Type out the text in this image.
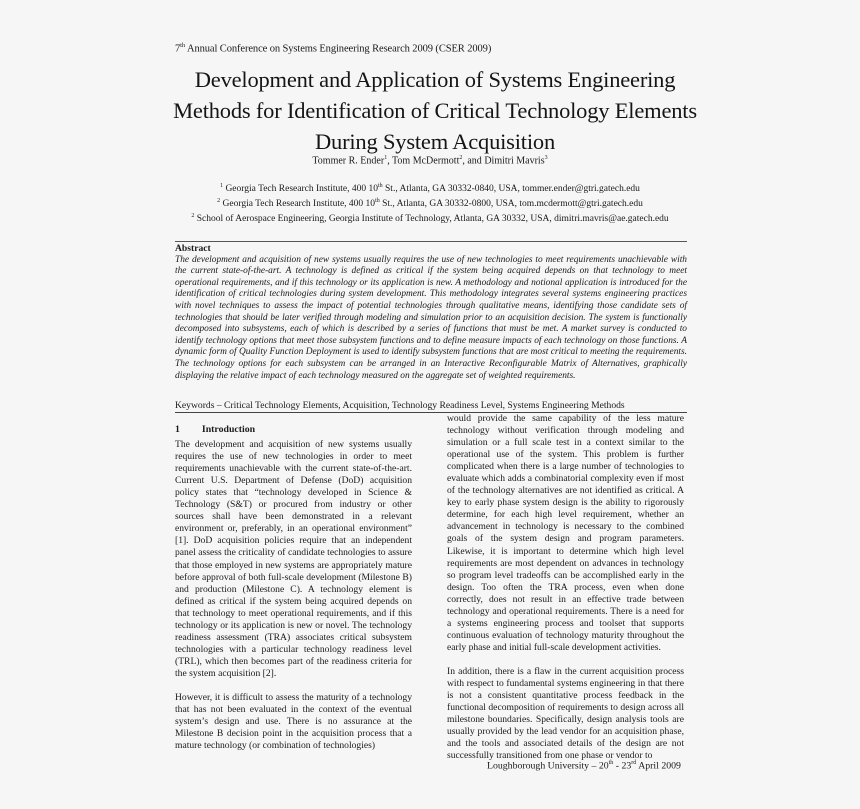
7th Annual Conference on Systems Engineering Research 2009 (CSER 2009)
Development and Application of Systems Engineering Methods for Identification of Critical Technology Elements During System Acquisition
Tommer R. Ender$^1$, Tom McDermott$^2$, and Dimitri Mavris$^3$
$^1$ Georgia Tech Research Institute, 400 10th St., Atlanta, GA 30332-0840, USA, tommer.ender@gtri.gatech.edu
$^2$ Georgia Tech Research Institute, 400 10th St., Atlanta, GA 30332-0800, USA, tom.mcdermott@gtri.gatech.edu
$^2$ School of Aerospace Engineering, Georgia Institute of Technology, Atlanta, GA 30332, USA, dimitri.mavris@ae.gatech.edu
Abstract

The development and acquisition of new systems usually requires the use of new technologies to meet requirements unachievable with the current state-of-the-art. A technology is defined as critical if the system being acquired depends on that technology to meet operational requirements, and if this technology or its application is new. A methodology and notional application is introduced for the identification of critical technologies during system development. This methodology integrates several systems engineering practices with novel techniques to assess the impact of potential technologies through qualitative means, identifying those candidate sets of technologies that should be later verified through modeling and simulation prior to an acquisition decision. The system is functionally decomposed into subsystems, each of which is described by a series of functions that must be met. A market survey is conducted to identify technology options that meet those subsystem functions and to define measure impacts of each technology on those functions. A dynamic form of Quality Function Deployment is used to identify subsystem functions that are most critical to meeting the requirements. The technology options for each subsystem can be arranged in an Interactive Reconfigurable Matrix of Alternatives, graphically displaying the relative impact of each technology measured on the aggregate set of weighted requirements.

Keywords – Critical Technology Elements, Acquisition, Technology Readiness Level, Systems Engineering Methods
1 Introduction

The development and acquisition of new systems usually requires the use of new technologies in order to meet requirements unachievable with the current state-of-the-art. Current U.S. Department of Defense (DoD) acquisition policy states that “technology developed in Science & Technology (S&T) or procured from industry or other sources shall have been demonstrated in a relevant environment or, preferably, in an operational environment” [1]. DoD acquisition policies require that an independent panel assess the criticality of candidate technologies to assure that those employed in new systems are appropriately mature before approval of both full-scale development (Milestone B) and production (Milestone C). A technology element is defined as critical if the system being acquired depends on that technology to meet operational requirements, and if this technology or its application is new or novel. The technology readiness assessment (TRA) associates critical subsystem technologies with a particular technology readiness level (TRL), which then becomes part of the readiness criteria for the system acquisition [2].

However, it is difficult to assess the maturity of a technology that has not been evaluated in the context of the eventual system’s design and use. There is no assurance at the Milestone B decision point in the acquisition process that a mature technology (or combination of technologies)

would provide the same capability of the less mature technology without verification through modeling and simulation or a full scale test in a context similar to the operational use of the system. This problem is further complicated when there is a large number of technologies to evaluate which adds a combinatorial complexity even if most of the technology alternatives are not identified as critical. A key to early phase system design is the ability to rigorously determine, for each high level requirement, whether an advancement in technology is necessary to the combined goals of the system design and program parameters. Likewise, it is important to determine which high level requirements are most dependent on advances in technology so program level tradeoffs can be accomplished early in the design. Too often the TRA process, even when done correctly, does not result in an effective trade between technology and operational requirements. There is a need for a systems engineering process and toolset that supports continuous evaluation of technology maturity throughout the early phase and initial full-scale development activities.

In addition, there is a flaw in the current acquisition process with respect to fundamental systems engineering in that there is not a consistent quantitative process feedback in the functional decomposition of requirements to design across all milestone boundaries. Specifically, design analysis tools are usually provided by the lead vendor for an acquisition phase, and the tools and associated details of the design are not successfully transitioned from one phase or vendor to

Loughborough University – 20th - 23rd April 2009
